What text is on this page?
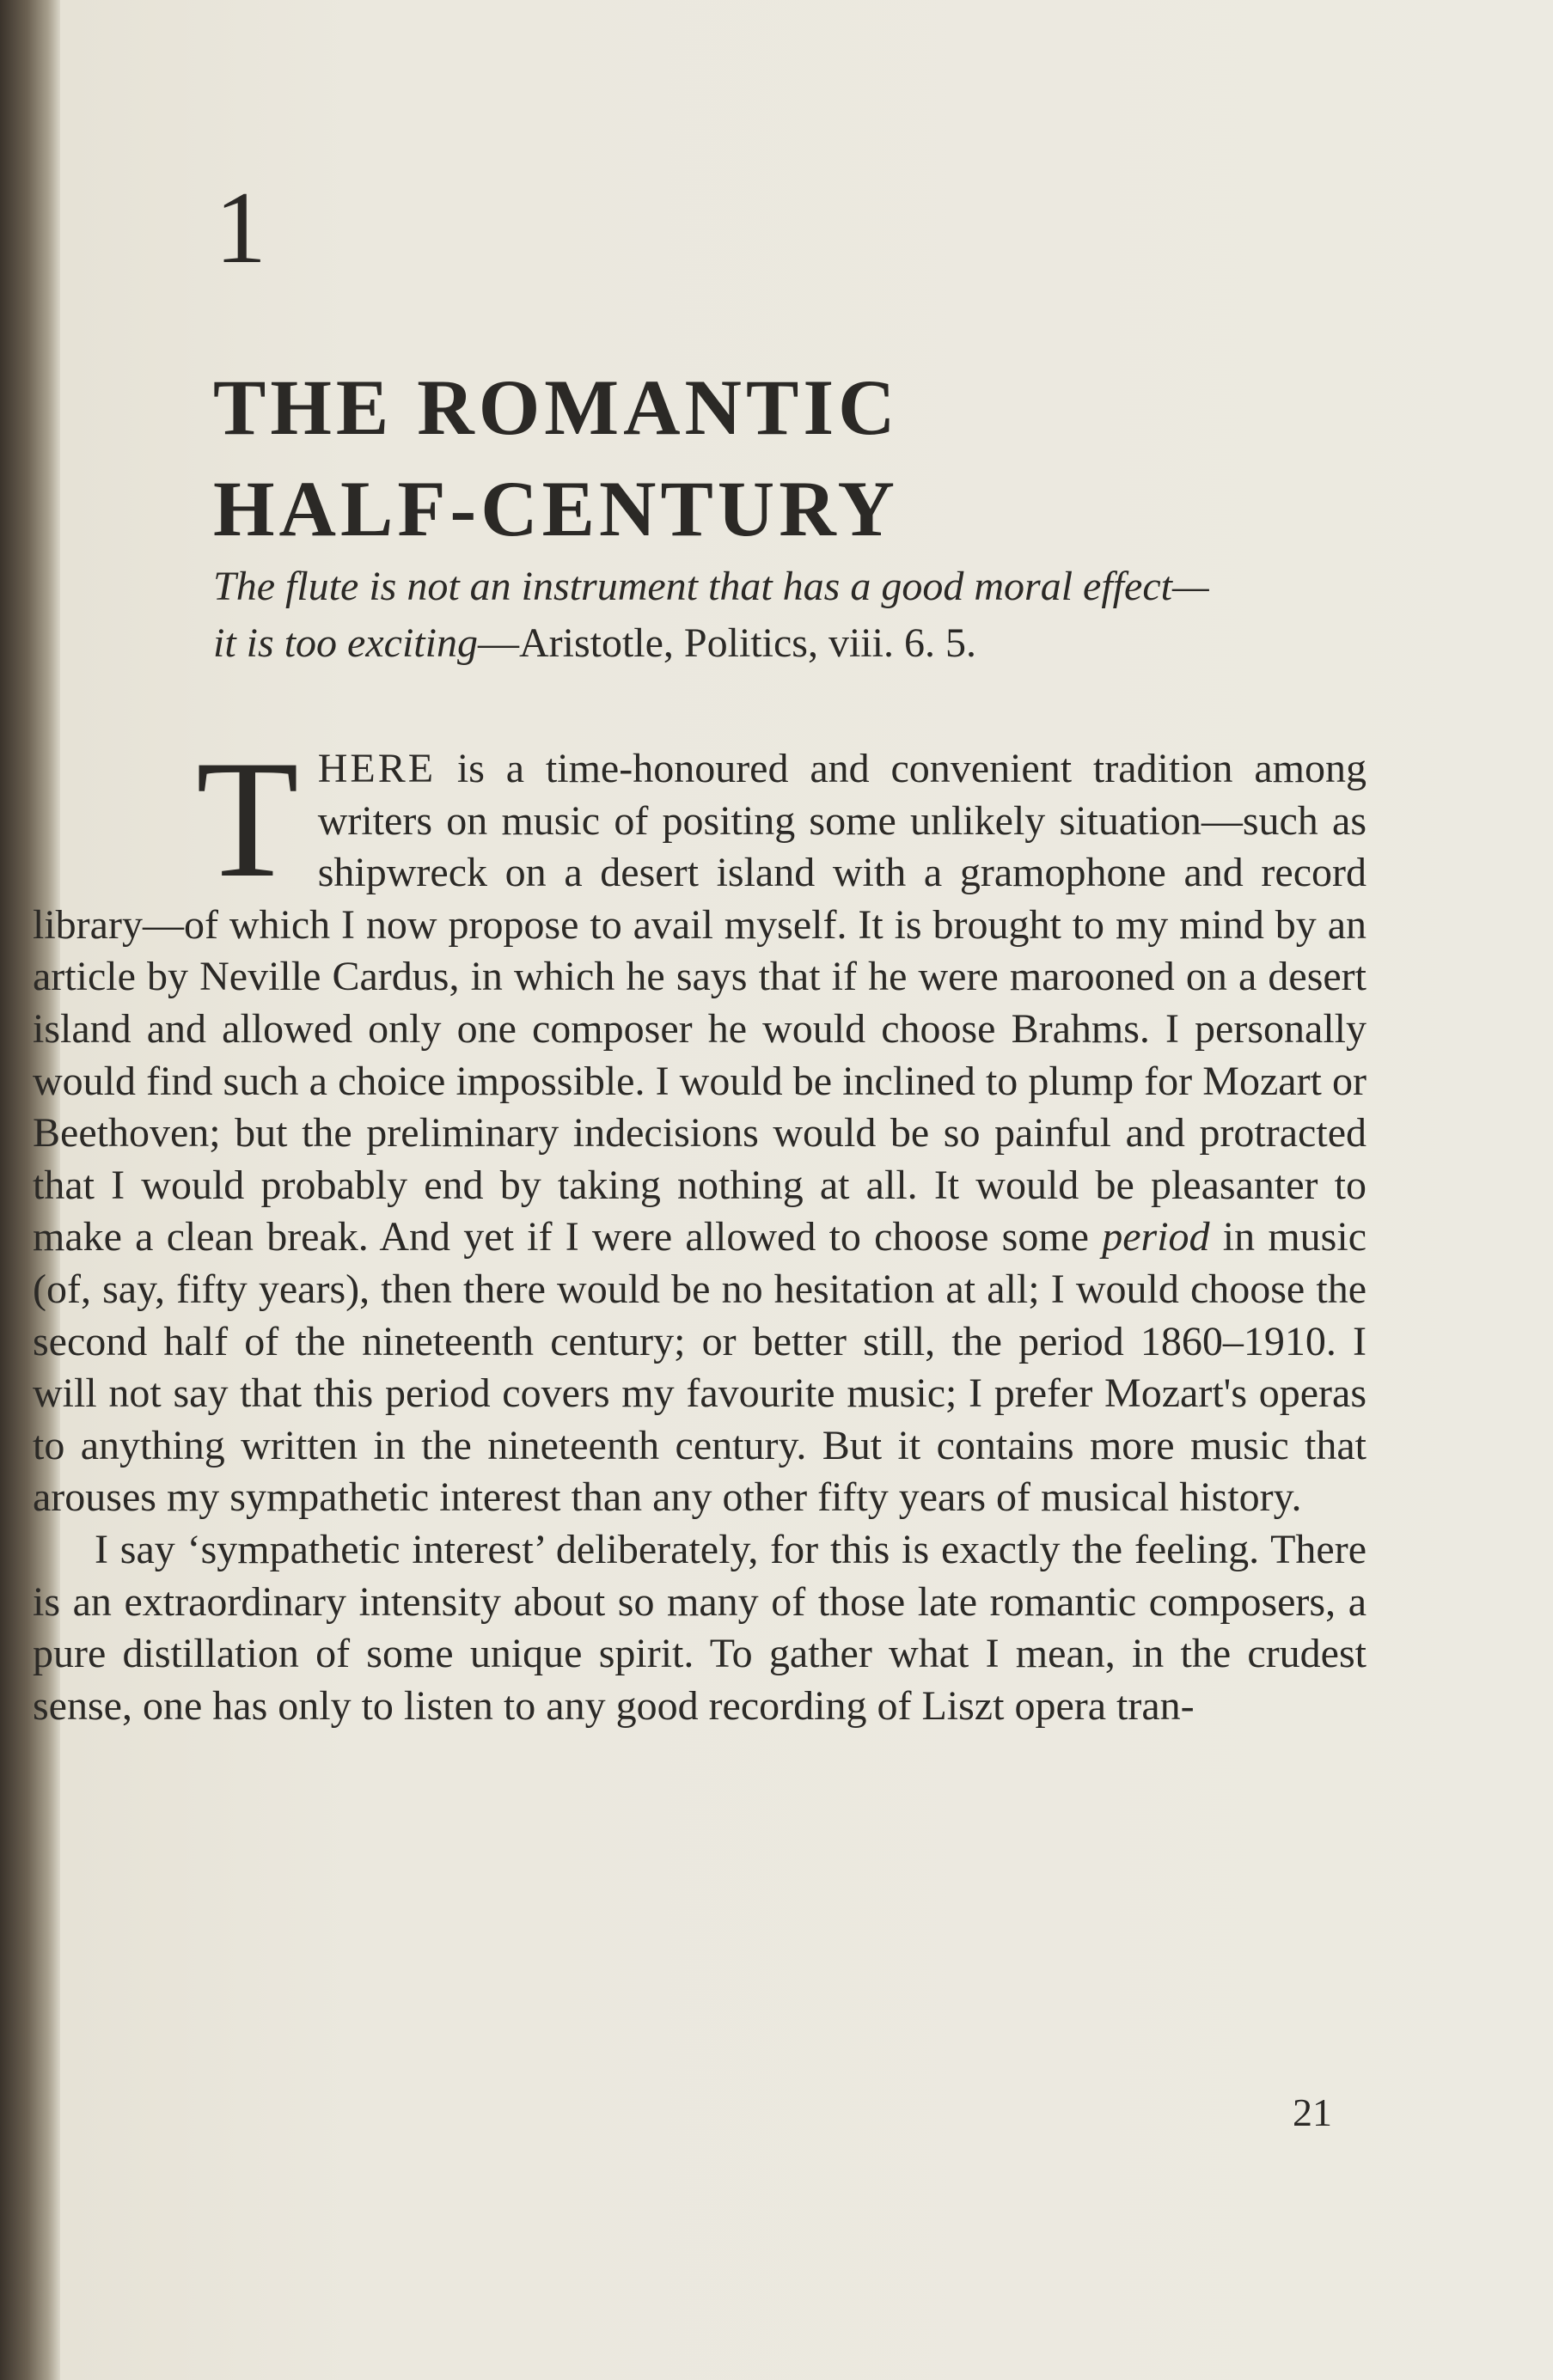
1
THE ROMANTIC
HALF-CENTURY
The flute is not an instrument that has a good moral effect—
it is too exciting—Aristotle, Politics, viii. 6. 5.

THERE is a time-honoured and convenient tradition among writers on music of positing some unlikely situation—such as shipwreck on a desert island with a gramophone and record library—of which I now propose to avail myself. It is brought to my mind by an article by Neville Cardus, in which he says that if he were marooned on a desert island and allowed only one composer he would choose Brahms. I personally would find such a choice impossible. I would be inclined to plump for Mozart or Beethoven; but the preliminary indecisions would be so painful and protracted that I would probably end by taking nothing at all. It would be pleasanter to make a clean break. And yet if I were allowed to choose some period in music (of, say, fifty years), then there would be no hesitation at all; I would choose the second half of the nineteenth century; or better still, the period 1860–1910. I will not say that this period covers my favourite music; I prefer Mozart's operas to anything written in the nineteenth century. But it contains more music that arouses my sympathetic interest than any other fifty years of musical history.

I say ‘sympathetic interest’ deliberately, for this is exactly the feeling. There is an extraordinary intensity about so many of those late romantic composers, a pure distillation of some unique spirit. To gather what I mean, in the crudest sense, one has only to listen to any good recording of Liszt opera tran-

21
